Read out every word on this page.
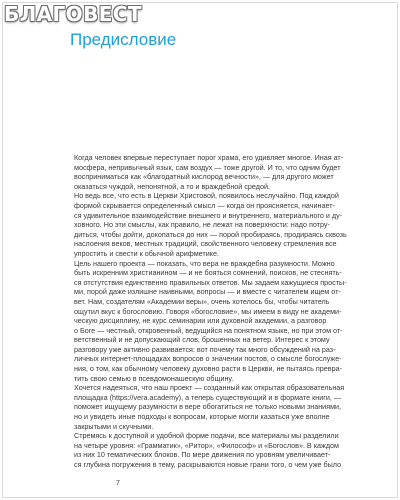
БЛАГОВЕСТ
Предисловие

Когда человек впервые переступает порог храма, его удивляет многое. Иная ат-
мосфера, непривычный язык, сам воздух — тоже другой. И то, что одним будет
восприниматься как «благодатный кислород вечности», — для другого может
оказаться чуждой, непонятной, а то и враждебной средой.

Но ведь все, что есть в Церкви Христовой, появилось неслучайно. Под каждой
формой скрывается определенный смысл — когда он проясняется, начинает-
ся удивительное взаимодействие внешнего и внутреннего, материального и ду-
ховного. Но эти смыслы, как правило, не лежат на поверхности: надо потру-
диться, чтобы дойти, докопаться до них — порой пробираясь, продираясь сквозь
наслоения веков, местных традиций, свойственного человеку стремления все
упростить и свести к обычной арифметике.

Цель нашего проекта — показать, что вера не враждебна разумности. Можно
быть искренним христианином — и не бояться сомнений, поисков, не стеснять-
ся отстутствия единственно правильных ответов. Мы задаем кажущиеся просты-
ми, порой даже излишне наивными, вопросы — и вместе с читателем ищем от-
вет. Нам, создателям «Академии веры», очень хотелось бы, чтобы читатель
ощутил вкус к богословию. Говоря «богословие», мы имеем в виду не академи-
ческую дисциплину, не курс семинарии или духовной академии, а разговор
о Боге — честный, откровенный, ведущийся на понятном языке, но при этом от-
ветственный и не допускающий слов, брошенных на ветер. Интерес к этому
разговору уже активно развивается: вот почему так много обсуждений на раз-
личных интернет-площадках вопросов о значении постов, о смысле богослуже-
ния, о том, как обычному человеку духовно расти в Церкви, не пытаясь превра-
тить свою семью в псевдомонашескую общину.

Хочется надеяться, что наш проект — созданный как открытая образовательная
площадка (https://vera.academy), а теперь существующий и в формате книги, —
поможет ищущему разумности в вере обогатиться не только новыми знаниями,
но и увидеть иные подходы к вопросам, которые могли казаться уже вполне
закрытыми и скучными.

Стремясь к доступной и удобной форме подачи, все материалы мы разделили
на четыре уровня: «Грамматик», «Ритор», «Философ» и «Богослов». В каждом
из них 10 тематических блоков. По мере движения по уровням увеличивает-
ся глубина погружения в тему, раскрываются новые грани того, о чем уже было

7
